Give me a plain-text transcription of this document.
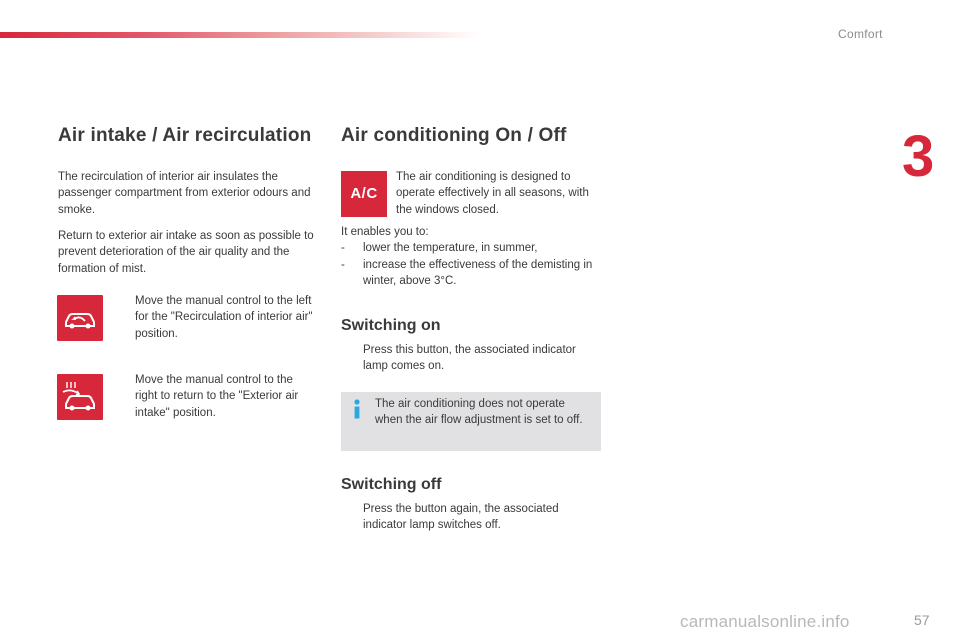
Comfort
3
Air intake / Air recirculation

The recirculation of interior air insulates the passenger compartment from exterior odours and smoke.

Return to exterior air intake as soon as possible to prevent deterioration of the air quality and the formation of mist.

Move the manual control to the left for the "Recirculation of interior air" position.
Move the manual control to the right to return to the "Exterior air intake" position.
Air conditioning On / Off
A/C

The air conditioning is designed to operate effectively in all seasons, with the windows closed.

It enables you to:
- lower the temperature, in summer,
- increase the effectiveness of the demisting in winter, above 3°C.
Switching on
Press this button, the associated indicator lamp comes on.

The air conditioning does not operate when the air flow adjustment is set to off.

Switching off
Press the button again, the associated indicator lamp switches off.
carmanualsonline.info	57
